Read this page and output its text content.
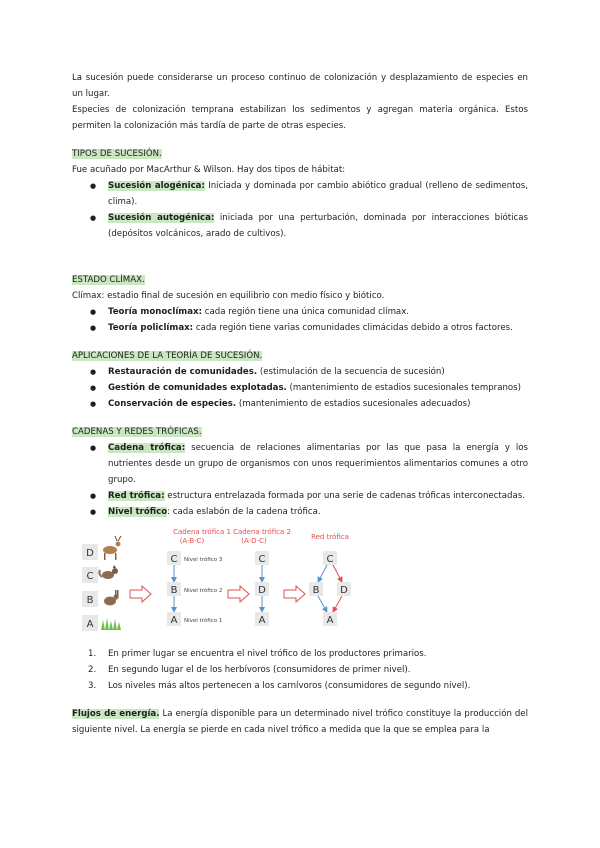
La sucesión puede considerarse un proceso continuo de colonización y desplazamiento de especies en un lugar.

Especies de colonización temprana estabilizan los sedimentos y agregan materia orgánica. Estos permiten la colonización más tardía de parte de otras especies.

TIPOS DE SUCESIÓN.

Fue acuñado por MacArthur & Wilson. Hay dos tipos de hábitat:

● Sucesión alogénica: Iniciada y dominada por cambio abiótico gradual (relleno de sedimentos, clima).
● Sucesión autogénica: iniciada por una perturbación, dominada por interacciones bióticas (depósitos volcánicos, arado de cultivos).

ESTADO CLÍMAX.

Clímax: estadio final de sucesión en equilibrio con medio físico y biótico.

● Teoría monoclímax: cada región tiene una única comunidad clímax.
● Teoría policlímax: cada región tiene varias comunidades climácidas debido a otros factores.

APLICACIONES DE LA TEORÍA DE SUCESIÓN.

● Restauración de comunidades. (estimulación de la secuencia de sucesión)
● Gestión de comunidades explotadas. (mantenimiento de estadios sucesionales tempranos)
● Conservación de especies. (mantenimiento de estadios sucesionales adecuados)

CADENAS Y REDES TRÓFICAS.

● Cadena trófica: secuencia de relaciones alimentarias por las que pasa la energía y los nutrientes desde un grupo de organismos con unos requerimientos alimentarios comunes a otro grupo.
● Red trófica: estructura entrelazada formada por una serie de cadenas tróficas interconectadas.
● Nivel trófico: cada eslabón de la cadena trófica.
D
C
B
A
Cadena trófica 1
(A-B-C)
C Nivel trófico 3
B Nivel trófico 2
A Nivel trófico 1
Cadena trófica 2
(A-D-C)
C
D
A
Red trófica
C
B D
A
1. En primer lugar se encuentra el nivel trófico de los productores primarios.
2. En segundo lugar el de los herbívoros (consumidores de primer nivel).
3. Los niveles más altos pertenecen a los carnívoros (consumidores de segundo nivel).

Flujos de energía. La energía disponible para un determinado nivel trófico constituye la producción del siguiente nivel. La energía se pierde en cada nivel trófico a medida que la que se emplea para la
